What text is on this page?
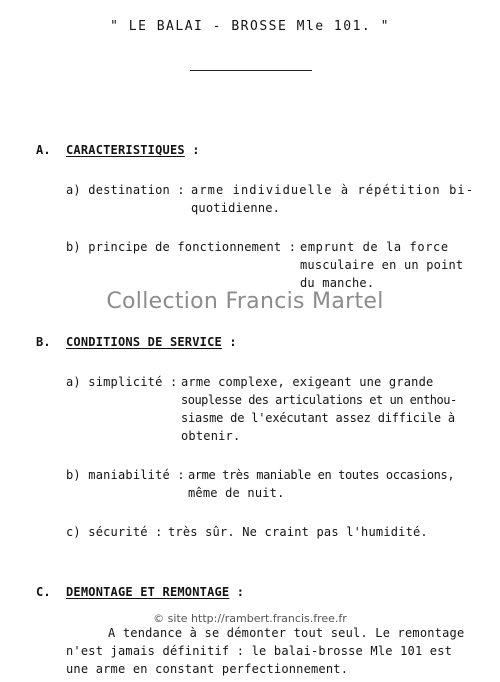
" LE BALAI - BROSSE Mle 101. "
A. CARACTERISTIQUES :
a) destination : arme individuelle à répétition bi-
quotidienne.
b) principe de fonctionnement : emprunt de la force
musculaire en un point
du manche.
Collection Francis Martel
B. CONDITIONS DE SERVICE :
a) simplicité : arme complexe, exigeant une grande
souplesse des articulations et un enthou-
siasme de l'exécutant assez difficile à
obtenir.
b) maniabilité : arme très maniable en toutes occasions,
même de nuit.
c) sécurité : très sûr. Ne craint pas l'humidité.
C. DEMONTAGE ET REMONTAGE :
© site http://rambert.francis.free.fr
A tendance à se démonter tout seul. Le remontage
n'est jamais définitif : le balai-brosse Mle 101 est
une arme en constant perfectionnement.
